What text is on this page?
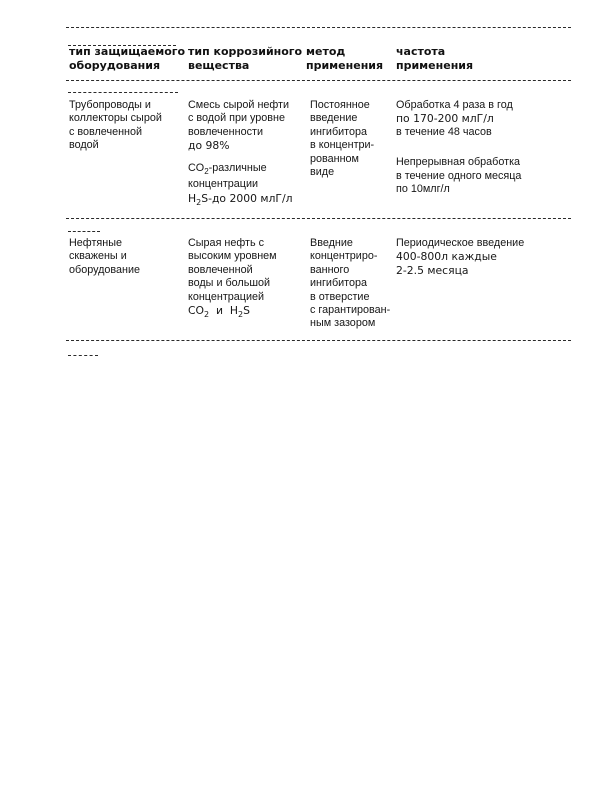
тип защищаемого
оборудования
тип коррозийного
вещества
метод
применения
частота
применения
Трубопроводы и
коллекторы сырой
с вовлеченной
водой
Смесь сырой нефти
с водой при уровне
вовлеченности
до 98%
$CO_2$-различные
концентрации
$H_2S-до$ 2000 млГ/л
Постоянное
введение
ингибитора
в концентри-
рованном
виде
Обработка 4 раза в год
по 170-200 млГ/л
в течение 48 часов
Непрерывная обработка
в течение одного месяца
по 10млг/л
Нефтяные
скважены и
оборудование
Сырая нефть с
высоким уровнем
вовлеченной
воды и большой
концентрацией
$CO_2$ и $H_2S$
Введние
концентриро-
ванного
ингибитора
в отверстие
с гарантирован-
ным зазором
Периодическое введение
400-800л каждые
2-2.5 месяца
